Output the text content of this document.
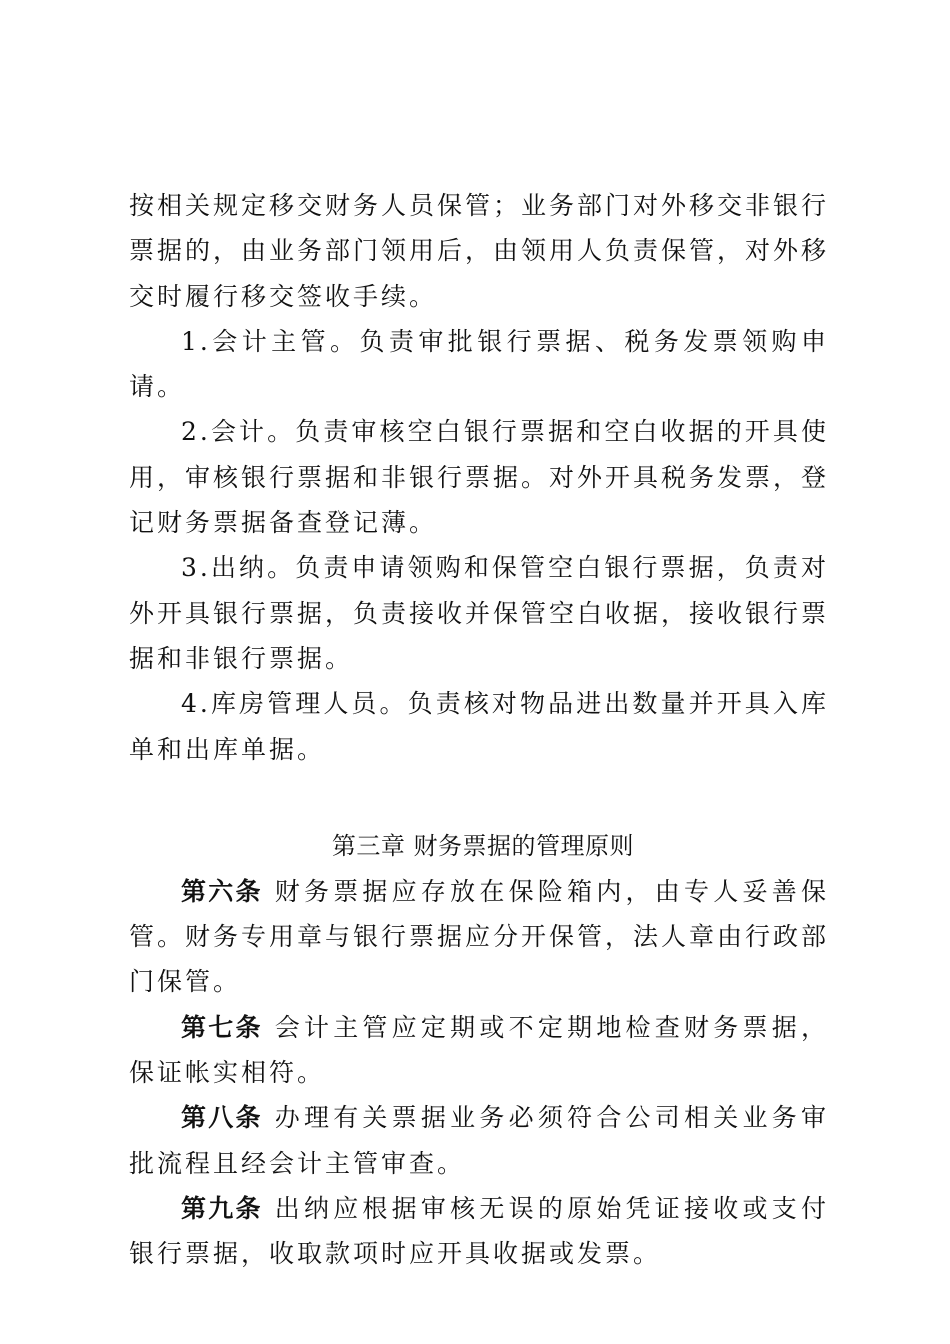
按相关规定移交财务人员保管；业务部门对外移交非银行票据的，由业务部门领用后，由领用人负责保管，对外移交时履行移交签收手续。

1.会计主管。负责审批银行票据、税务发票领购申请。

2.会计。负责审核空白银行票据和空白收据的开具使用，审核银行票据和非银行票据。对外开具税务发票，登记财务票据备查登记薄。

3.出纳。负责申请领购和保管空白银行票据，负责对外开具银行票据，负责接收并保管空白收据，接收银行票据和非银行票据。

4.库房管理人员。负责核对物品进出数量并开具入库单和出库单据。

第三章 财务票据的管理原则

第六条 财务票据应存放在保险箱内，由专人妥善保管。财务专用章与银行票据应分开保管，法人章由行政部门保管。

第七条 会计主管应定期或不定期地检查财务票据，保证帐实相符。

第八条 办理有关票据业务必须符合公司相关业务审批流程且经会计主管审查。

第九条 出纳应根据审核无误的原始凭证接收或支付银行票据，收取款项时应开具收据或发票。
